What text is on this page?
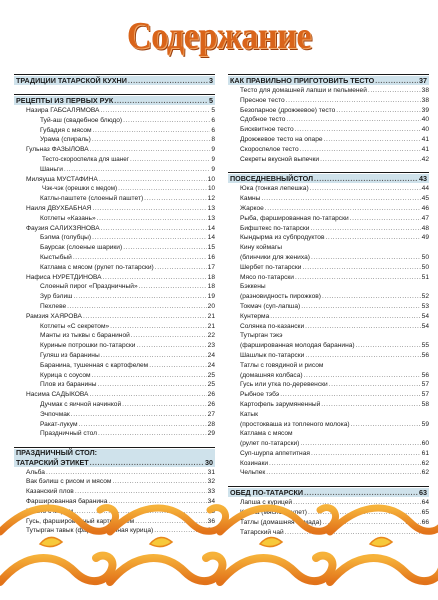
Содержание
ТРАДИЦИИ ТАТАРСКОЙ КУХНИ .....	3
РЕЦЕПТЫ ИЗ ПЕРВЫХ РУК .....	5
Назира ГАБСАЛЯМОВА .....	5
Туй-аш (свадебное блюдо) .....	6
Губадия с мясом .....	6
Урама (спираль) .....	8
Гульназ ФАЗЫЛОВА .....	9
Тесто-скороспелка для шанег .....	9
Шаньги .....	9
Миляуша МУСТАФИНА .....	10
Чэк-чэк (орешки с медом) .....	10
Катлы-паштете (слоеный паштет) .....	12
Наиля ДВУХБАБНАЯ .....	13
Котлеты «Казань» .....	13
Фаузия САЛИХЗЯНОВА .....	14
Бэлма (голубцы) .....	14
Баурсак (слоеные шарики) .....	15
Кыстыбый .....	16
Катлама с мясом (рулет по-татарски) .....	17
Нафиса НУРЕТДИНОВА .....	18
Слоеный пирог «Праздничный» .....	18
Зур бэлиш .....	19
Пехлеве .....	20
Рамзия ХАЯРОВА .....	21
Котлеты «С секретом» .....	21
Манты из тыквы с бараниной .....	22
Куриные потрошки по-татарски .....	23
Гуляш из баранины .....	24
Баранина, тушенная с картофелем .....	24
Курица с соусом .....	25
Плов из баранины .....	25
Насима САДЫКОВА .....	26
Дучмак с яичной начинкой .....	26
Эчпочмак .....	27
Ракат-лукум .....	28
Праздничный стол .....	29
ПРАЗДНИЧНЫЙ СТОЛ:
ТАТАРСКИЙ ЭТИКЕТ .....	30
Альба .....	31
Вак бэлиш с рисом и мясом .....	32
Казанский плов .....	33
Фаршированная баранина .....	34
Масло с медом .....	35
Гусь, фаршированный картофелем .....	36
Тутырган тавык (фаршированная курица) .....	36
КАК ПРАВИЛЬНО ПРИГОТОВИТЬ ТЕСТО .....	37
Тесто для домашней лапши и пельменей .....	38
Пресное тесто .....	38
Безопарное (дрожжевое) тесто .....	39
Сдобное тесто .....	40
Бисквитное тесто .....	40
Дрожжевое тесто на опаре .....	41
Скороспелое тесто .....	41
Секреты вкусной выпечки .....	42
ПОВСЕДНЕВНЫЙСТОЛ .....	43
Юка (тонкая лепешка) .....	44
Камны .....	45
Жаркое .....	46
Рыба, фаршированная по-татарски .....	47
Бифштекс по-татарски .....	48
Кындырма из субпродуктов .....	49
Кину коймагы
(блинчики для жениха) .....	50
Шербет по-татарски .....	50
Мясо по-татарски .....	51
Бэккены
(разновидность пирожков) .....	52
Токмач (суп-лапша) .....	53
Кунтерма .....	54
Солянка по-казански .....	54
Тутырган тэкэ
(фаршированная молодая баранина) .....	55
Шашлык по-татарски .....	56
Татлы с говядиной и рисом
(домашняя колбаса) .....	56
Гусь или утка по-деревенски .....	57
Рыбное тэбэ .....	57
Картофель зарумяненный .....	58
Катык
(простокваша из топленого молока) .....	59
Катлама с мясом
(рулет по-татарски) .....	60
Суп-шурпа аппетитная .....	61
Козинаки .....	62
Чельпек .....	62
ОБЕД ПО-ТАТАРСКИ .....	63
Лапша с курицей .....	64
Калжа (мясной рулет) .....	65
Татлы (домашняя помада) .....	66
Татарский чай .....	67
